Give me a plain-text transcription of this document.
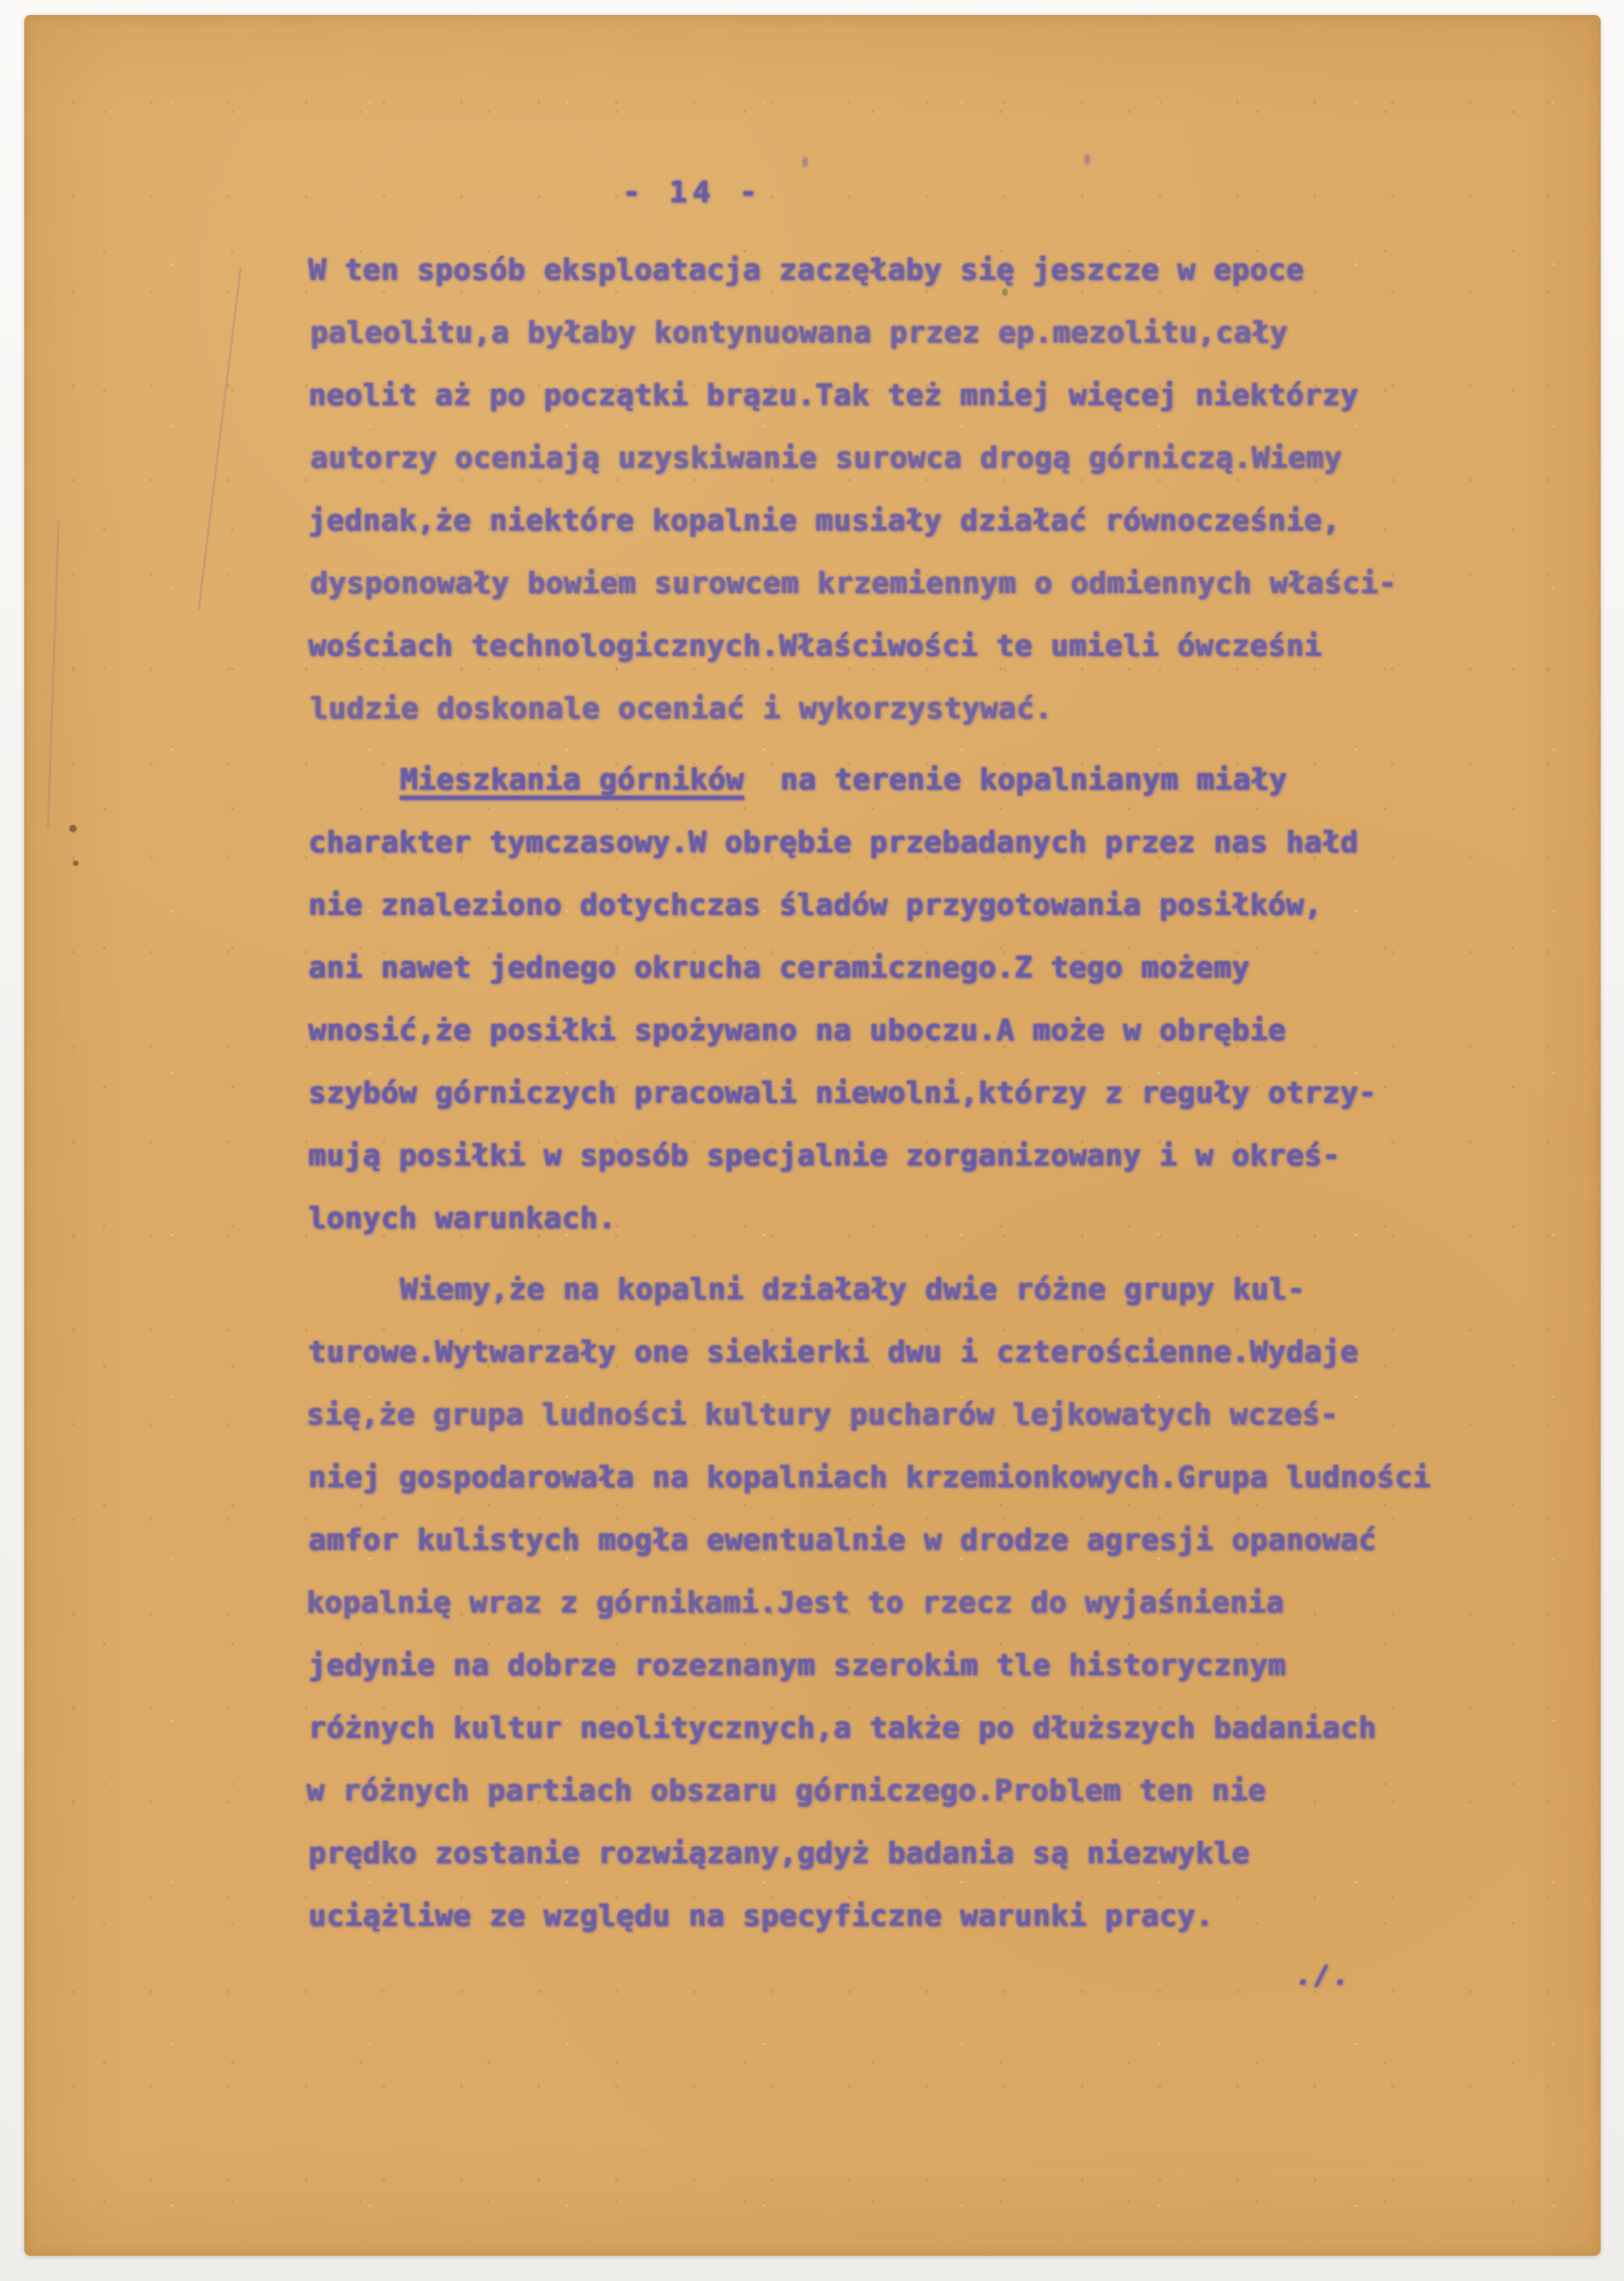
- 14 -
W ten sposób eksploatacja zaczęłaby się jeszcze w epoce
paleolitu,a byłaby kontynuowana przez ep.mezolitu,cały
neolit aż po początki brązu.Tak też mniej więcej niektórzy
autorzy oceniają uzyskiwanie surowca drogą górniczą.Wiemy
jednak,że niektóre kopalnie musiały działać równocześnie,
dysponowały bowiem surowcem krzemiennym o odmiennych właści-
wościach technologicznych.Właściwości te umieli ówcześni
ludzie doskonale oceniać i wykorzystywać.
Mieszkania górników  na terenie kopalnianym miały
charakter tymczasowy.W obrębie przebadanych przez nas hałd
nie znaleziono dotychczas śladów przygotowania posiłków,
ani nawet jednego okrucha ceramicznego.Z tego możemy
wnosić,że posiłki spożywano na uboczu.A może w obrębie
szybów górniczych pracowali niewolni,którzy z reguły otrzy-
mują posiłki w sposób specjalnie zorganizowany i w okreś-
lonych warunkach.
Wiemy,że na kopalni działały dwie różne grupy kul-
turowe.Wytwarzały one siekierki dwu i czterościenne.Wydaje
się,że grupa ludności kultury pucharów lejkowatych wcześ-
niej gospodarowała na kopalniach krzemionkowych.Grupa ludności
amfor kulistych mogła ewentualnie w drodze agresji opanować
kopalnię wraz z górnikami.Jest to rzecz do wyjaśnienia
jedynie na dobrze rozeznanym szerokim tle historycznym
różnych kultur neolitycznych,a także po dłuższych badaniach
w różnych partiach obszaru górniczego.Problem ten nie
prędko zostanie rozwiązany,gdyż badania są niezwykle
uciążliwe ze względu na specyficzne warunki pracy.
./.
